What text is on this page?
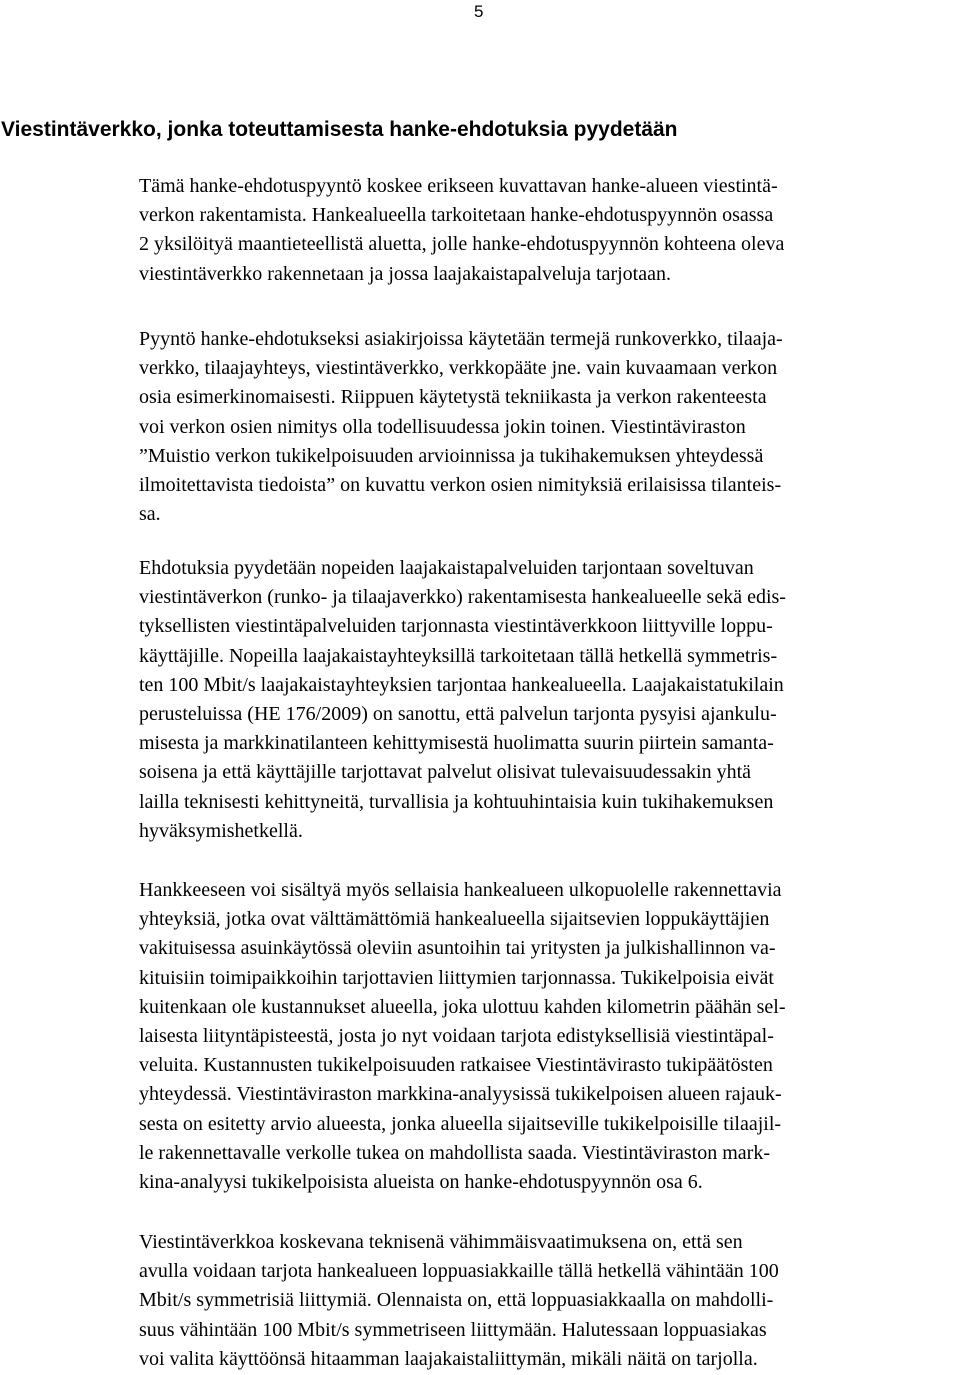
5
Viestintäverkko, jonka toteuttamisesta hanke-ehdotuksia pyydetään

Tämä hanke-ehdotuspyyntö koskee erikseen kuvattavan hanke-alueen viestintä-
verkon rakentamista. Hankealueella tarkoitetaan hanke-ehdotuspyynnön osassa
2 yksilöityä maantieteellistä aluetta, jolle hanke-ehdotuspyynnön kohteena oleva
viestintäverkko rakennetaan ja jossa laajakaistapalveluja tarjotaan.

Pyyntö hanke-ehdotukseksi asiakirjoissa käytetään termejä runkoverkko, tilaaja-
verkko, tilaajayhteys, viestintäverkko, verkkopääte jne. vain kuvaamaan verkon
osia esimerkinomaisesti. Riippuen käytetystä tekniikasta ja verkon rakenteesta
voi verkon osien nimitys olla todellisuudessa jokin toinen. Viestintäviraston
”Muistio verkon tukikelpoisuuden arvioinnissa ja tukihakemuksen yhteydessä
ilmoitettavista tiedoista” on kuvattu verkon osien nimityksiä erilaisissa tilanteis-
sa.

Ehdotuksia pyydetään nopeiden laajakaistapalveluiden tarjontaan soveltuvan
viestintäverkon (runko- ja tilaajaverkko) rakentamisesta hankealueelle sekä edis-
tyksellisten viestintäpalveluiden tarjonnasta viestintäverkkoon liittyville loppu-
käyttäjille. Nopeilla laajakaistayhteyksillä tarkoitetaan tällä hetkellä symmetris-
ten 100 Mbit/s laajakaistayhteyksien tarjontaa hankealueella. Laajakaistatukilain
perusteluissa (HE 176/2009) on sanottu, että palvelun tarjonta pysyisi ajankulu-
misesta ja markkinatilanteen kehittymisestä huolimatta suurin piirtein samanta-
soisena ja että käyttäjille tarjottavat palvelut olisivat tulevaisuudessakin yhtä
lailla teknisesti kehittyneitä, turvallisia ja kohtuuhintaisia kuin tukihakemuksen
hyväksymishetkellä.

Hankkeeseen voi sisältyä myös sellaisia hankealueen ulkopuolelle rakennettavia
yhteyksiä, jotka ovat välttämättömiä hankealueella sijaitsevien loppukäyttäjien
vakituisessa asuinkäytössä oleviin asuntoihin tai yritysten ja julkishallinnon va-
kituisiin toimipaikkoihin tarjottavien liittymien tarjonnassa. Tukikelpoisia eivät
kuitenkaan ole kustannukset alueella, joka ulottuu kahden kilometrin päähän sel-
laisesta liityntäpisteestä, josta jo nyt voidaan tarjota edistyksellisiä viestintäpal-
veluita. Kustannusten tukikelpoisuuden ratkaisee Viestintävirasto tukipäätösten
yhteydessä. Viestintäviraston markkina-analyysissä tukikelpoisen alueen rajauk-
sesta on esitetty arvio alueesta, jonka alueella sijaitseville tukikelpoisille tilaajil-
le rakennettavalle verkolle tukea on mahdollista saada. Viestintäviraston mark-
kina-analyysi tukikelpoisista alueista on hanke-ehdotuspyynnön osa 6.

Viestintäverkkoa koskevana teknisenä vähimmäisvaatimuksena on, että sen
avulla voidaan tarjota hankealueen loppuasiakkaille tällä hetkellä vähintään 100
Mbit/s symmetrisiä liittymiä. Olennaista on, että loppuasiakkaalla on mahdolli-
suus vähintään 100 Mbit/s symmetriseen liittymään. Halutessaan loppuasiakas
voi valita käyttöönsä hitaamman laajakaistaliittymän, mikäli näitä on tarjolla.
